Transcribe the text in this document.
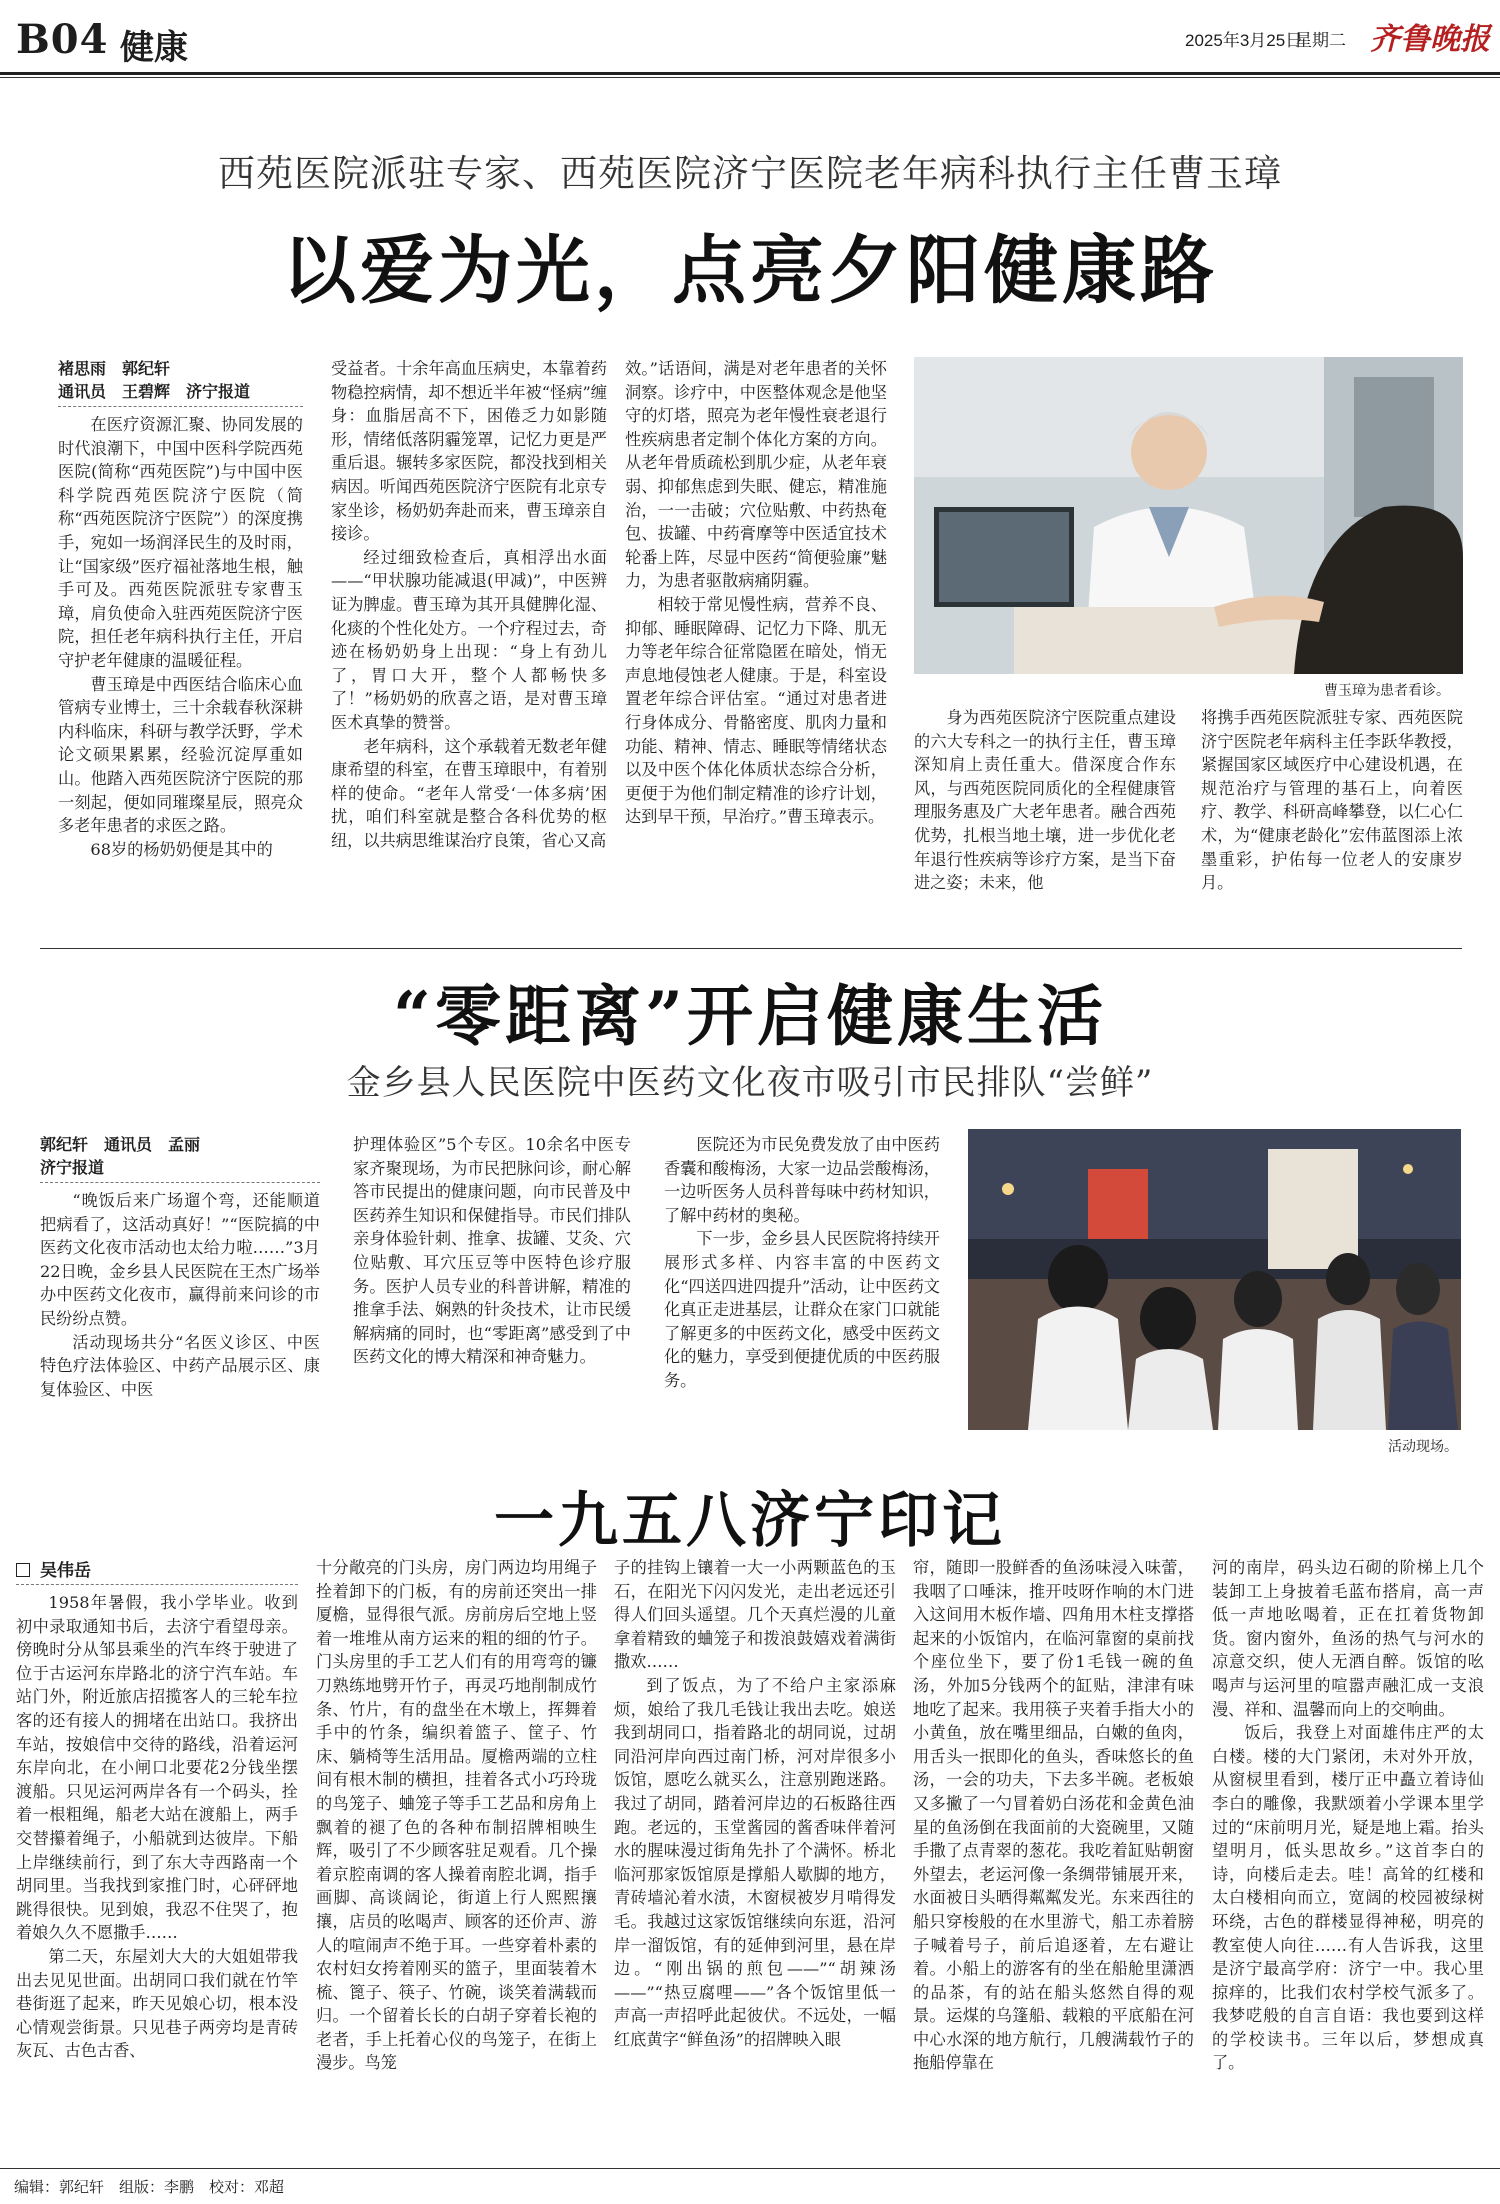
B04 健康	2025年3月25日
星期二 齐鲁晚报
西苑医院派驻专家、西苑医院济宁医院老年病科执行主任曹玉璋
以爱为光，点亮夕阳健康路
褚思雨　郭纪轩
通讯员　王碧辉　济宁报道

在医疗资源汇聚、协同发展的时代浪潮下，中国中医科学院西苑医院(简称“西苑医院”)与中国中医科学院西苑医院济宁医院（简称“西苑医院济宁医院”）的深度携手，宛如一场润泽民生的及时雨，让“国家级”医疗福祉落地生根，触手可及。西苑医院派驻专家曹玉璋，肩负使命入驻西苑医院济宁医院，担任老年病科执行主任，开启守护老年健康的温暖征程。

曹玉璋是中西医结合临床心血管病专业博士，三十余载春秋深耕内科临床，科研与教学沃野，学术论文硕果累累，经验沉淀厚重如山。他踏入西苑医院济宁医院的那一刻起，便如同璀璨星辰，照亮众多老年患者的求医之路。

68岁的杨奶奶便是其中的

受益者。十余年高血压病史，本靠着药物稳控病情，却不想近半年被“怪病”缠身：血脂居高不下，困倦乏力如影随形，情绪低落阴霾笼罩，记忆力更是严重后退。辗转多家医院，都没找到相关病因。听闻西苑医院济宁医院有北京专家坐诊，杨奶奶奔赴而来，曹玉璋亲自接诊。

经过细致检查后，真相浮出水面——“甲状腺功能减退(甲减)”，中医辨证为脾虚。曹玉璋为其开具健脾化湿、化痰的个性化处方。一个疗程过去，奇迹在杨奶奶身上出现：“身上有劲儿了，胃口大开，整个人都畅快多了！”杨奶奶的欣喜之语，是对曹玉璋医术真挚的赞誉。

老年病科，这个承载着无数老年健康希望的科室，在曹玉璋眼中，有着别样的使命。“老年人常受‘一体多病’困扰，咱们科室就是整合各科优势的枢纽，以共病思维谋治疗良策，省心又高

效。”话语间，满是对老年患者的关怀洞察。诊疗中，中医整体观念是他坚守的灯塔，照亮为老年慢性衰老退行性疾病患者定制个体化方案的方向。从老年骨质疏松到肌少症，从老年衰弱、抑郁焦虑到失眠、健忘，精准施治，一一击破；穴位贴敷、中药热奄包、拔罐、中药膏摩等中医适宜技术轮番上阵，尽显中医药“简便验廉”魅力，为患者驱散病痛阴霾。

相较于常见慢性病，营养不良、抑郁、睡眠障碍、记忆力下降、肌无力等老年综合征常隐匿在暗处，悄无声息地侵蚀老人健康。于是，科室设置老年综合评估室。“通过对患者进行身体成分、骨骼密度、肌肉力量和功能、精神、情志、睡眠等情绪状态以及中医个体化体质状态综合分析，更便于为他们制定精准的诊疗计划，达到早干预，早治疗。”曹玉璋表示。

曹玉璋为患者看诊。

身为西苑医院济宁医院重点建设的六大专科之一的执行主任，曹玉璋深知肩上责任重大。借深度合作东风，与西苑医院同质化的全程健康管理服务惠及广大老年患者。融合西苑优势，扎根当地土壤，进一步优化老年退行性疾病等诊疗方案，是当下奋进之姿；未来，他

将携手西苑医院派驻专家、西苑医院济宁医院老年病科主任李跃华教授，紧握国家区域医疗中心建设机遇，在规范治疗与管理的基石上，向着医疗、教学、科研高峰攀登，以仁心仁术，为“健康老龄化”宏伟蓝图添上浓墨重彩，护佑每一位老人的安康岁月。

“零距离”开启健康生活
金乡县人民医院中医药文化夜市吸引市民排队“尝鲜”
郭纪轩　通讯员　孟丽
济宁报道

“晚饭后来广场遛个弯，还能顺道把病看了，这活动真好！”“医院搞的中医药文化夜市活动也太给力啦……”3月22日晚，金乡县人民医院在王杰广场举办中医药文化夜市，赢得前来问诊的市民纷纷点赞。

活动现场共分“名医义诊区、中医特色疗法体验区、中药产品展示区、康复体验区、中医

护理体验区”5个专区。10余名中医专家齐聚现场，为市民把脉问诊，耐心解答市民提出的健康问题，向市民普及中医药养生知识和保健指导。市民们排队亲身体验针刺、推拿、拔罐、艾灸、穴位贴敷、耳穴压豆等中医特色诊疗服务。医护人员专业的科普讲解，精准的推拿手法、娴熟的针灸技术，让市民缓解病痛的同时，也“零距离”感受到了中医药文化的博大精深和神奇魅力。

医院还为市民免费发放了由中医药香囊和酸梅汤，大家一边品尝酸梅汤，一边听医务人员科普每味中药材知识，了解中药材的奥秘。

下一步，金乡县人民医院将持续开展形式多样、内容丰富的中医药文化“四送四进四提升”活动，让中医药文化真正走进基层，让群众在家门口就能了解更多的中医药文化，感受中医药文化的魅力，享受到便捷优质的中医药服务。

活动现场。
一九五八济宁印记
吴伟岳

1958年暑假，我小学毕业。收到初中录取通知书后，去济宁看望母亲。傍晚时分从邹县乘坐的汽车终于驶进了位于古运河东岸路北的济宁汽车站。车站门外，附近旅店招揽客人的三轮车拉客的还有接人的拥堵在出站口。我挤出车站，按娘信中交待的路线，沿着运河东岸向北，在小闸口北要花2分钱坐摆渡船。只见运河两岸各有一个码头，拴着一根粗绳，船老大站在渡船上，两手交替攥着绳子，小船就到达彼岸。下船上岸继续前行，到了东大寺西路南一个胡同里。当我找到家推门时，心砰砰地跳得很快。见到娘，我忍不住哭了，抱着娘久久不愿撒手……

第二天，东屋刘大大的大姐姐带我出去见见世面。出胡同口我们就在竹竿巷街逛了起来，昨天见娘心切，根本没心情观尝街景。只见巷子两旁均是青砖灰瓦、古色古香、

十分敞亮的门头房，房门两边均用绳子拴着卸下的门板，有的房前还突出一排厦檐，显得很气派。房前房后空地上竖着一堆堆从南方运来的粗的细的竹子。门头房里的手工艺人们有的用弯弯的镰刀熟练地劈开竹子，再灵巧地削制成竹条、竹片，有的盘坐在木墩上，挥舞着手中的竹条，编织着篮子、筐子、竹床、躺椅等生活用品。厦檐两端的立柱间有根木制的横担，挂着各式小巧玲珑的鸟笼子、蛐笼子等手工艺品和房角上飘着的褪了色的各种布制招牌相映生辉，吸引了不少顾客驻足观看。几个操着京腔南调的客人操着南腔北调，指手画脚、高谈阔论，街道上行人熙熙攘攘，店员的吆喝声、顾客的还价声、游人的喧闹声不绝于耳。一些穿着朴素的农村妇女挎着刚买的篮子，里面装着木梳、篦子、筷子、竹碗，谈笑着满载而归。一个留着长长的白胡子穿着长袍的老者，手上托着心仪的鸟笼子，在街上漫步。鸟笼

子的挂钩上镶着一大一小两颗蓝色的玉石，在阳光下闪闪发光，走出老远还引得人们回头遥望。几个天真烂漫的儿童拿着精致的蛐笼子和拨浪鼓嬉戏着满街撒欢……

到了饭点，为了不给户主家添麻烦，娘给了我几毛钱让我出去吃。娘送我到胡同口，指着路北的胡同说，过胡同沿河岸向西过南门桥，河对岸很多小饭馆，愿吃么就买么，注意别跑迷路。我过了胡同，踏着河岸边的石板路往西跑。老远的，玉堂酱园的酱香味伴着河水的腥味漫过街角先扑了个满怀。桥北临河那家饭馆原是撑船人歇脚的地方，青砖墙沁着水渍，木窗棂被岁月啃得发毛。我越过这家饭馆继续向东逛，沿河岸一溜饭馆，有的延伸到河里，悬在岸边。“刚出锅的煎包——”“胡辣汤——”“热豆腐哩——”各个饭馆里低一声高一声招呼此起彼伏。不远处，一幅红底黄字“鲜鱼汤”的招牌映入眼

帘，随即一股鲜香的鱼汤味浸入味蕾，我咽了口唾沫，推开吱呀作响的木门进入这间用木板作墙、四角用木柱支撑搭起来的小饭馆内，在临河靠窗的桌前找个座位坐下，要了份1毛钱一碗的鱼汤，外加5分钱两个的缸贴，津津有味地吃了起来。我用筷子夹着手指大小的小黄鱼，放在嘴里细品，白嫩的鱼肉，用舌头一抿即化的鱼头，香味悠长的鱼汤，一会的功夫，下去多半碗。老板娘又多撇了一勺冒着奶白汤花和金黄色油星的鱼汤倒在我面前的大瓷碗里，又随手撒了点青翠的葱花。我吃着缸贴朝窗外望去，老运河像一条绸带铺展开来，水面被日头晒得粼粼发光。东来西往的船只穿梭般的在水里游弋，船工赤着膀子喊着号子，前后追逐着，左右避让着。小船上的游客有的坐在船舱里潇洒的品茶，有的站在船头悠然自得的观景。运煤的乌篷船、载粮的平底船在河中心水深的地方航行，几艘满载竹子的拖船停靠在

河的南岸，码头边石砌的阶梯上几个装卸工上身披着毛蓝布搭肩，高一声低一声地吆喝着，正在扛着货物卸货。窗内窗外，鱼汤的热气与河水的凉意交织，使人无酒自醉。饭馆的吆喝声与运河里的喧嚣声融汇成一支浪漫、祥和、温馨而向上的交响曲。

饭后，我登上对面雄伟庄严的太白楼。楼的大门紧闭，未对外开放，从窗棂里看到，楼厅正中矗立着诗仙李白的雕像，我默颂着小学课本里学过的“床前明月光，疑是地上霜。抬头望明月，低头思故乡。”这首李白的诗，向楼后走去。哇！高耸的红楼和太白楼相向而立，宽阔的校园被绿树环绕，古色的群楼显得神秘，明亮的教室使人向往……有人告诉我，这里是济宁最高学府：济宁一中。我心里掠痒的，比我们农村学校气派多了。我梦呓般的自言自语：我也要到这样的学校读书。三年以后，梦想成真了。

编辑：郭纪轩　组版：李鹏　校对：邓超
